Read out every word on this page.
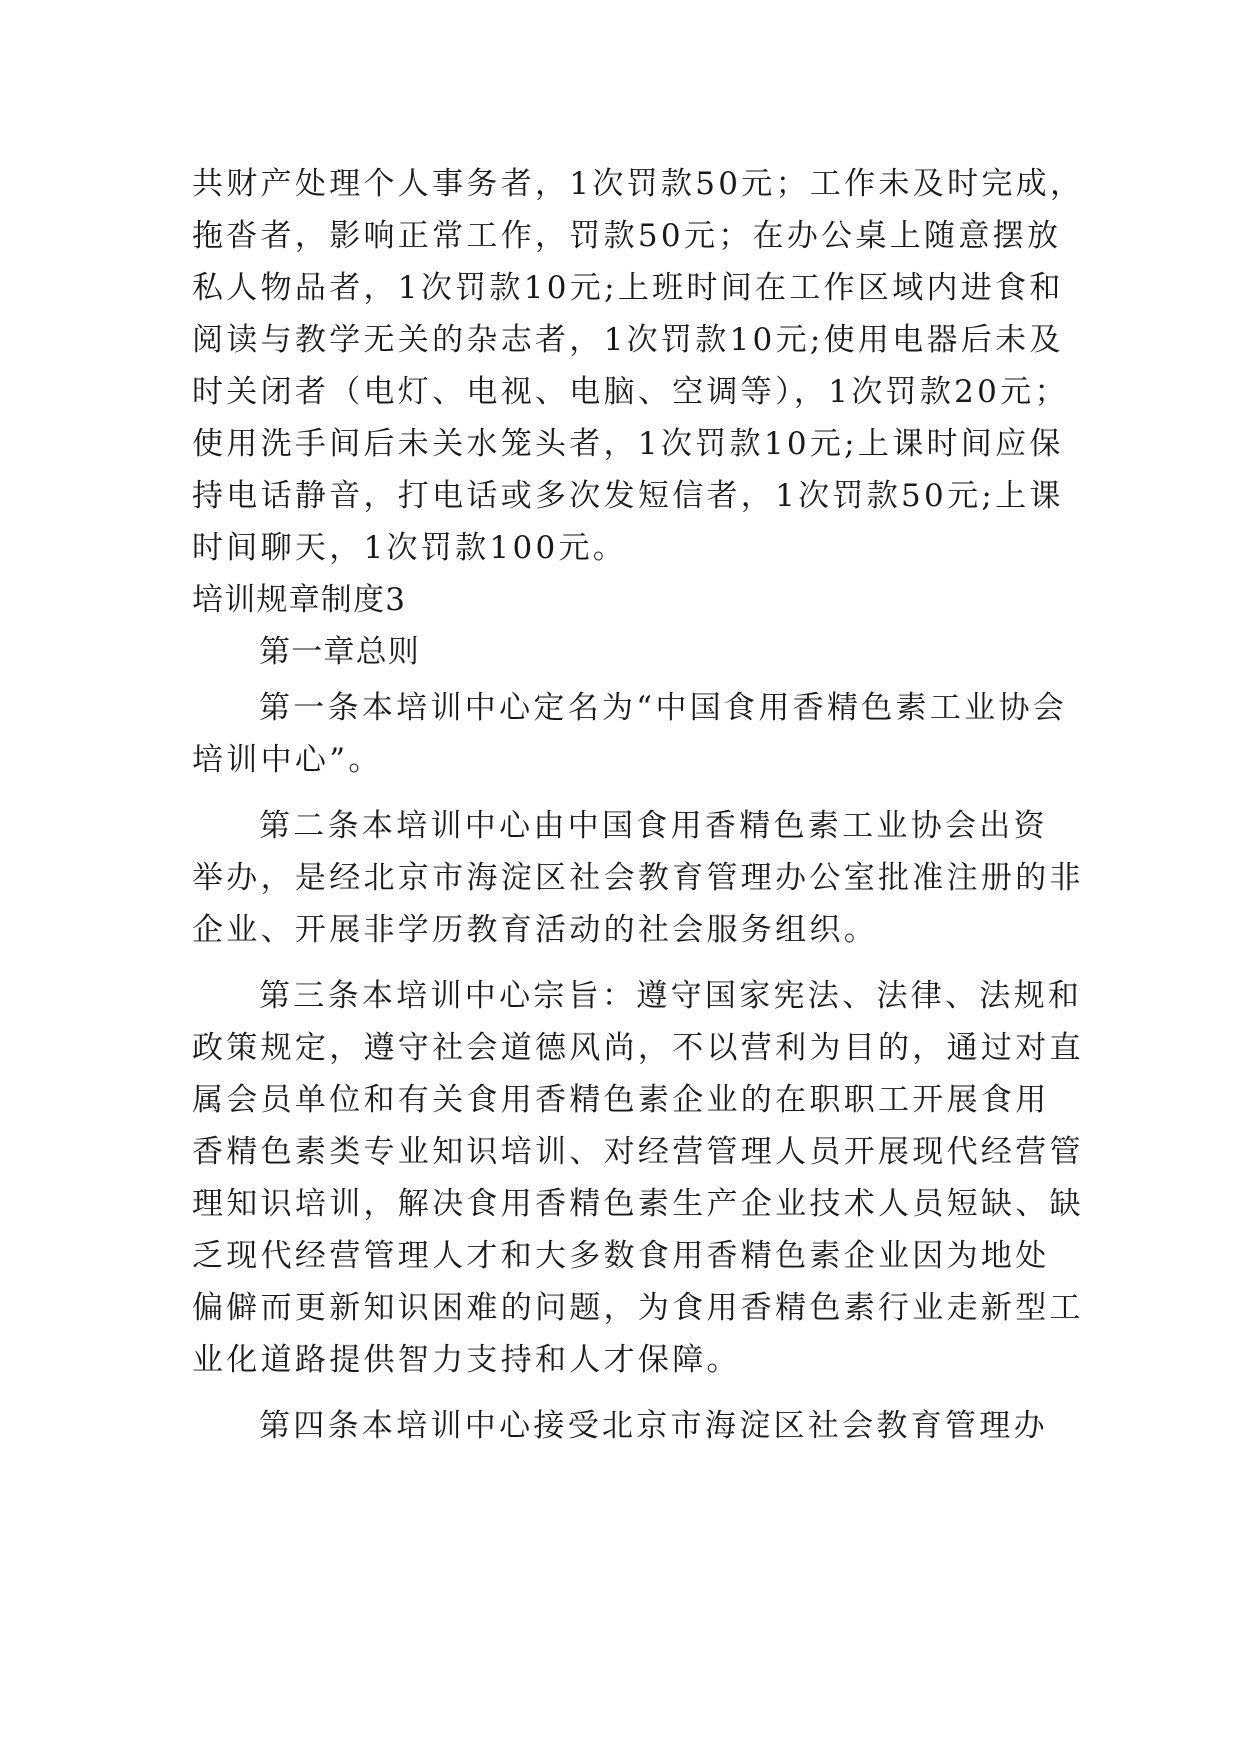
共财产处理个人事务者，1次罚款50元；工作未及时完成，
拖沓者，影响正常工作，罚款50元；在办公桌上随意摆放
私人物品者，1次罚款10元;上班时间在工作区域内进食和
阅读与教学无关的杂志者，1次罚款10元;使用电器后未及
时关闭者（电灯、电视、电脑、空调等），1次罚款20元；
使用洗手间后未关水笼头者，1次罚款10元;上课时间应保
持电话静音，打电话或多次发短信者，1次罚款50元;上课
时间聊天，1次罚款100元。
培训规章制度3
第一章总则
第一条本培训中心定名为“中国食用香精色素工业协会
培训中心”。
第二条本培训中心由中国食用香精色素工业协会出资
举办，是经北京市海淀区社会教育管理办公室批准注册的非
企业、开展非学历教育活动的社会服务组织。
第三条本培训中心宗旨：遵守国家宪法、法律、法规和
政策规定，遵守社会道德风尚，不以营利为目的，通过对直
属会员单位和有关食用香精色素企业的在职职工开展食用
香精色素类专业知识培训、对经营管理人员开展现代经营管
理知识培训，解决食用香精色素生产企业技术人员短缺、缺
乏现代经营管理人才和大多数食用香精色素企业因为地处
偏僻而更新知识困难的问题，为食用香精色素行业走新型工
业化道路提供智力支持和人才保障。
第四条本培训中心接受北京市海淀区社会教育管理办
